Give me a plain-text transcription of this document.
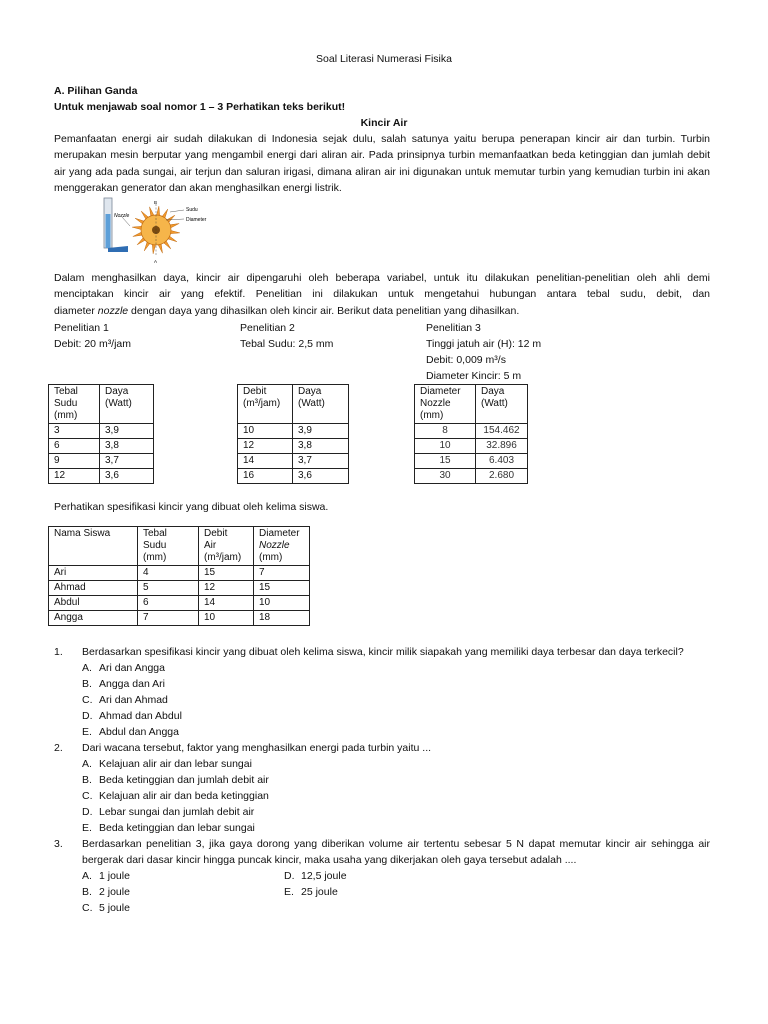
Soal Literasi Numerasi Fisika
A. Pilihan Ganda
Untuk menjawab soal nomor 1 – 3 Perhatikan teks berikut!
Kincir Air
Pemanfaatan energi air sudah dilakukan di Indonesia sejak dulu, salah satunya yaitu berupa penerapan kincir air dan turbin. Turbin
merupakan mesin berputar yang mengambil energi dari aliran air. Pada prinsipnya turbin memanfaatkan beda ketinggian dan jumlah debit
air yang ada pada sungai, air terjun dan saluran irigasi, dimana aliran air ini digunakan untuk memutar turbin yang kemudian turbin ini akan
menggerakan generator dan akan menghasilkan energi listrik.
Nozzle
Sudu
Diameter
B
A
Dalam menghasilkan daya, kincir air dipengaruhi oleh beberapa variabel, untuk itu dilakukan penelitian-penelitian oleh ahli demi
menciptakan kincir air yang efektif. Penelitian ini dilakukan untuk mengetahui hubungan antara tebal sudu, debit, dan
diameter nozzle dengan daya yang dihasilkan oleh kincir air. Berikut data penelitian yang dihasilkan.
Penelitian 1
Debit: 20 m³/jam
Penelitian 2
Tebal Sudu: 2,5 mm
Penelitian 3
Tinggi jatuh air (H): 12 m
Debit: 0,009 m³/s
Diameter Kincir: 5 m
Tebal
Sudu
(mm)	Daya
(Watt)
3	3,9
6	3,8
9	3,7
12	3,6
Debit
(m³/jam)	Daya
(Watt)
10	3,9
12	3,8
14	3,7
16	3,6
Diameter
Nozzle
(mm)	Daya
(Watt)
8	154.462
10	32.896
15	6.403
30	2.680
Perhatikan spesifikasi kincir yang dibuat oleh kelima siswa.
Nama Siswa	Tebal
Sudu
(mm)	Debit
Air
(m³/jam)	Diameter
Nozzle
(mm)
Ari	4	15	7
Ahmad	5	12	15
Abdul	6	14	10
Angga	7	10	18
1. Berdasarkan spesifikasi kincir yang dibuat oleh kelima siswa, kincir milik siapakah yang memiliki daya terbesar dan daya terkecil?
A. Ari dan Angga
B. Angga dan Ari
C. Ari dan Ahmad
D. Ahmad dan Abdul
E. Abdul dan Angga
2. Dari wacana tersebut, faktor yang menghasilkan energi pada turbin yaitu ...
A. Kelajuan alir air dan lebar sungai
B. Beda ketinggian dan jumlah debit air
C. Kelajuan alir air dan beda ketinggian
D. Lebar sungai dan jumlah debit air
E. Beda ketinggian dan lebar sungai
3. Berdasarkan penelitian 3, jika gaya dorong yang diberikan volume air tertentu sebesar 5 N dapat memutar kincir air sehingga air
bergerak dari dasar kincir hingga puncak kincir, maka usaha yang dikerjakan oleh gaya tersebut adalah ....
A. 1 joule
B. 2 joule
C. 5 joule
D. 12,5 joule
E. 25 joule
